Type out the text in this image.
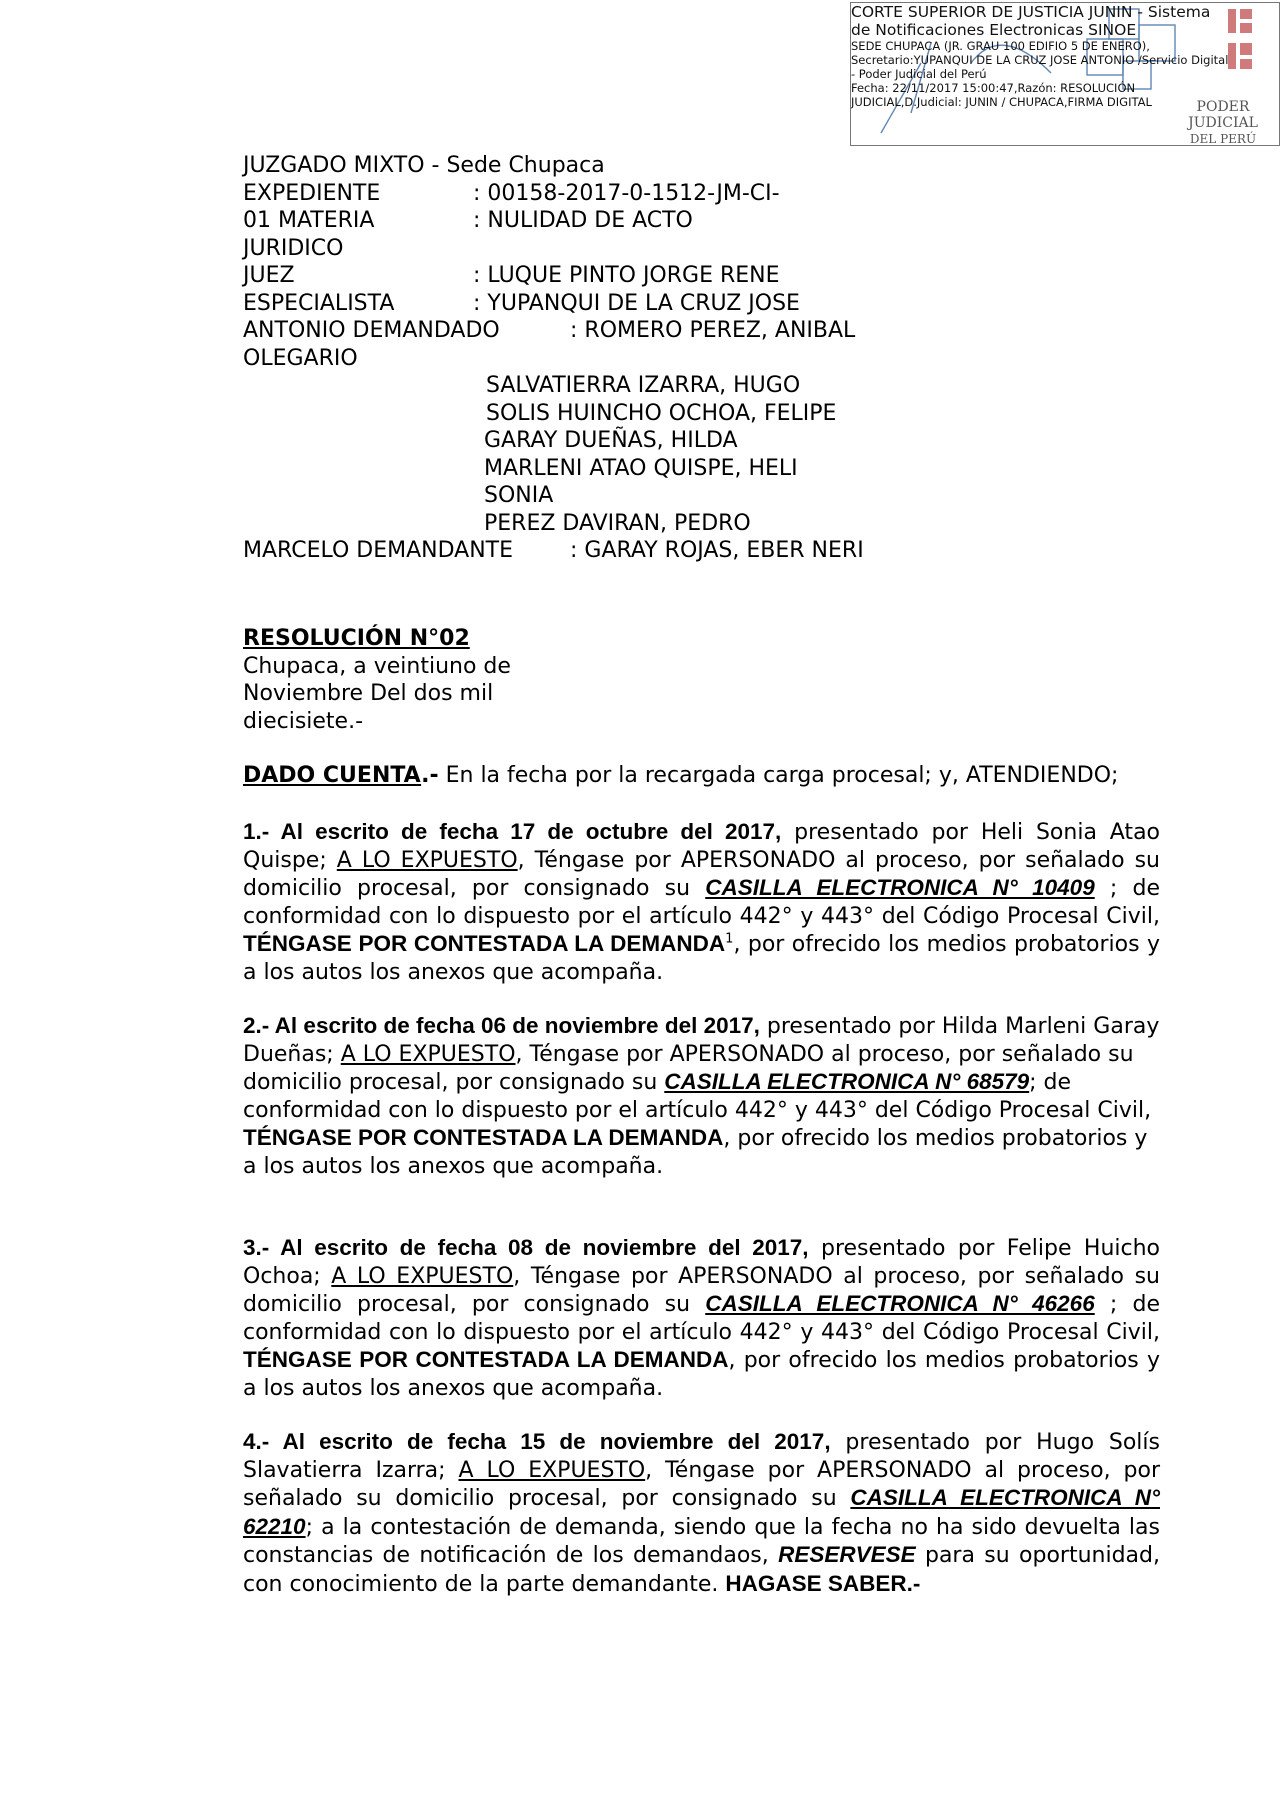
CORTE SUPERIOR DE JUSTICIA JUNIN - Sistema
de Notificaciones Electronicas SINOE
SEDE CHUPACA (JR. GRAU 100 EDIFIO 5 DE ENERO),
Secretario:YUPANQUI DE LA CRUZ JOSE ANTONIO /Servicio Digital
- Poder Judicial del Perú
Fecha: 22/11/2017 15:00:47,Razón: RESOLUCIÓN
JUDICIAL,D.Judicial: JUNIN / CHUPACA,FIRMA DIGITAL	PODER JUDICIAL
DEL PERÚ
JUZGADO MIXTO - Sede Chupaca
EXPEDIENTE	: 00158-2017-0-1512-JM-CI-
01 MATERIA	: NULIDAD DE ACTO
JURIDICO
JUEZ	: LUQUE PINTO JORGE RENE
ESPECIALISTA	: YUPANQUI DE LA CRUZ JOSE
ANTONIO DEMANDADO	: ROMERO PEREZ, ANIBAL
OLEGARIO
SALVATIERRA IZARRA, HUGO
SOLIS HUINCHO OCHOA, FELIPE
GARAY DUEÑAS, HILDA
MARLENI ATAO QUISPE, HELI
SONIA
PEREZ DAVIRAN, PEDRO
MARCELO DEMANDANTE	: GARAY ROJAS, EBER NERI
RESOLUCIÓN N°02
Chupaca, a veintiuno de
Noviembre Del dos mil
diecisiete.-
DADO CUENTA.- En la fecha por la recargada carga procesal; y, ATENDIENDO;
1.- Al escrito de fecha 17 de octubre del 2017, presentado por Heli Sonia Atao Quispe; A LO EXPUESTO, Téngase por APERSONADO al proceso, por señalado su domicilio procesal, por consignado su CASILLA ELECTRONICA N° 10409 ; de conformidad con lo dispuesto por el artículo 442° y 443° del Código Procesal Civil, TÉNGASE POR CONTESTADA LA DEMANDA$^1$, por ofrecido los medios probatorios y a los autos los anexos que acompaña.
2.- Al escrito de fecha 06 de noviembre del 2017, presentado por Hilda Marleni Garay Dueñas; A LO EXPUESTO, Téngase por APERSONADO al proceso, por señalado su domicilio procesal, por consignado su CASILLA ELECTRONICA N° 68579; de conformidad con lo dispuesto por el artículo 442° y 443° del Código Procesal Civil, TÉNGASE POR CONTESTADA LA DEMANDA, por ofrecido los medios probatorios y a los autos los anexos que acompaña.
3.- Al escrito de fecha 08 de noviembre del 2017, presentado por Felipe Huicho Ochoa; A LO EXPUESTO, Téngase por APERSONADO al proceso, por señalado su domicilio procesal, por consignado su CASILLA ELECTRONICA N° 46266 ; de conformidad con lo dispuesto por el artículo 442° y 443° del Código Procesal Civil, TÉNGASE POR CONTESTADA LA DEMANDA, por ofrecido los medios probatorios y a los autos los anexos que acompaña.
4.- Al escrito de fecha 15 de noviembre del 2017, presentado por Hugo Solís Slavatierra Izarra; A LO EXPUESTO, Téngase por APERSONADO al proceso, por señalado su domicilio procesal, por consignado su CASILLA ELECTRONICA N° 62210; a la contestación de demanda, siendo que la fecha no ha sido devuelta las constancias de notificación de los demandaos, RESERVESE para su oportunidad, con conocimiento de la parte demandante. HAGASE SABER.-
